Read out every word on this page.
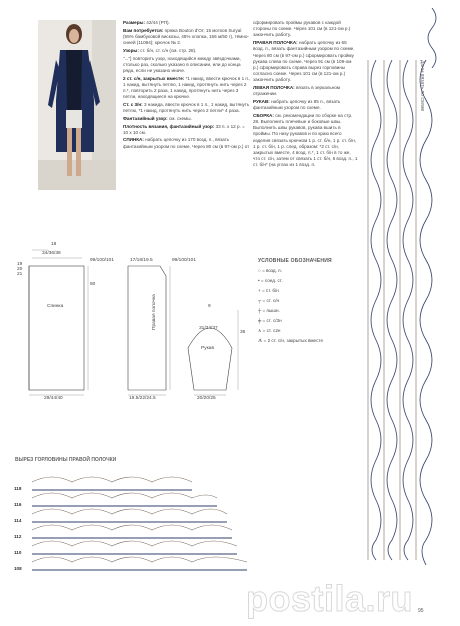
Размеры: 42/44 (РП).

Вам потребуется: пряжа Bouton d'Or; 15 мотков Suryal (55% бамбуковой вискозы, 45% хлопка, 156 м/50 г), тёмно-синей (11084); крючок № 2.

Узоры: ст. б/н, ст. с/н (см. стр. 28).

"..."] повторить узор, находящийся между звёздочками, столько раз, сколько указано в описании, или до конца ряда, если не указано иначе.

2 ст. с/н, закрытых вместе: *1 накид, ввести крючок в 1 п., 1 накид, вытянуть петлю, 1 накид, протянуть нить через 2 п.*, повторить 2 раза, 1 накид, протянуть нить через 3 петли, находящиеся на крючке.

Ст. с 3/н: 3 накида, ввести крючок в 1 п., 1 накид, вытянуть петлю, *1 накид, протянуть нить через 2 петли* 4 раза.

Фантазийный узор: см. схемы.

Плотность вязания, фантазийный узор: 33 п. х 12 р. = 10 х 10 см.

СПИНКА: набрать цепочку из 170 возд. п., вязать фантазийным узором по схеме. Через 80 см (в 97-ом р.) от

сформировать проймы рукавов с каждой стороны по схеме. Через 101 см (в 121-ом р.) закончить работу.

ПРАВАЯ ПОЛОЧКА: набрать цепочку из 65 возд. п., вязать фантазийным узором по схеме. Через 80 см (в 97-ом р.) сформировать пройму рукава слева по схеме. Через 91 см (в 109-ом р.) сформировать справа вырез горловины согласно схеме. Через 101 см (в 121-ом р.) закончить работу.

ЛЕВАЯ ПОЛОЧКА: вязать в зеркальном отражении.

РУКАВ: набрать цепочку из 85 п., вязать фантазийным узором по схеме.

СБОРКА: см. рекомендации по сборке на стр. 28. Выполнить плечевые и боковые швы. Выполнить швы рукавов, рукава вшить в проймы. По низу рукавов и по краю всего изделия связать крючком 1 р. ст. б/н, 1 р. ст. б/н, 1 р. ст. б/н, 1 р. след. образом: *2 ст. с/н, закрытых вместе, 4 возд. п.*, 1 ст. б/н в то же, что ст. с/н, затем от связать 1 ст. б/н, 5 возд. п., 1 ст. б/н* (на углах из 1 возд. п.

Спинка
18
34/36/38
99/100/101
80
29/44/40
19 20 21
17/18/19.5	99/100/101
Правая полочка
19.5/22/24.5
9
31/34/37
36
Рукав
20/20/25
УСЛОВНЫЕ ОБОЗНАЧЕНИЯ
○ = возд. п.
• = соед. ст.
+ = ст. б/н
┬ = ст. с/н
┼ = пышн.
╪ = ст. с/3н
∧ = ст. с2н
ᗑ = 2 ст. с/н, закрытых вместе
ВЫРЕЗ ГОРЛОВИНЫ ПРАВОЙ ПОЛОЧКИ
118
116
114
112
110
108
Даны вязать по схеме
postila.ru 95
